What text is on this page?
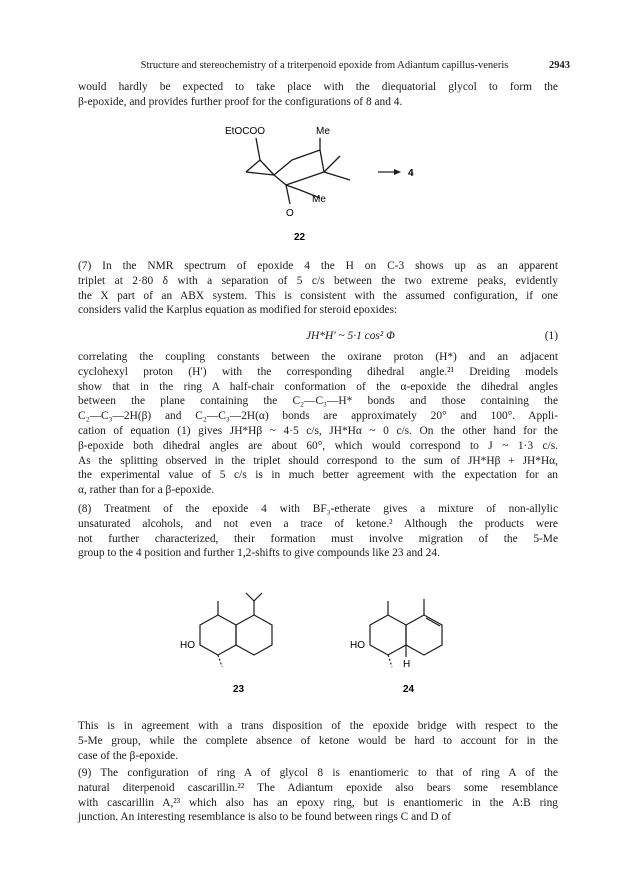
Structure and stereochemistry of a triterpenoid epoxide from Adiantum capillus-veneris	2943
would hardly be expected to take place with the diequatorial glycol to form the
β-epoxide, and provides further proof for the configurations of 8 and 4.
EtOCOO	Me
Me
O
4
22
(7) In the NMR spectrum of epoxide 4 the H on C-3 shows up as an apparent
triplet at 2·80 δ with a separation of 5 c/s between the two extreme peaks, evidently
the X part of an ABX system. This is consistent with the assumed configuration, if one
considers valid the Karplus equation as modified for steroid epoxides:
JH*H′ ~ 5·1 cos² Φ	(1)
correlating the coupling constants between the oxirane proton (H*) and an adjacent
cyclohexyl proton (H′) with the corresponding dihedral angle.²¹ Dreiding models
show that in the ring A half-chair conformation of the α-epoxide the dihedral angles
between the plane containing the C₂—C₃—H* bonds and those containing the
C₂—C₃—2H(β) and C₂—C₃—2H(α) bonds are approximately 20° and 100°. Appli-
cation of equation (1) gives JH*Hβ ~ 4·5 c/s, JH*Hα ~ 0 c/s. On the other hand for the
β-epoxide both dihedral angles are about 60°, which would correspond to J ~ 1·3 c/s.
As the splitting observed in the triplet should correspond to the sum of JH*Hβ + JH*Hα,
the experimental value of 5 c/s is in much better agreement with the expectation for an
α, rather than for a β-epoxide.
(8) Treatment of the epoxide 4 with BF₃-etherate gives a mixture of non-allylic
unsaturated alcohols, and not even a trace of ketone.² Although the products were
not further characterized, their formation must involve migration of the 5-Me
group to the 4 position and further 1,2-shifts to give compounds like 23 and 24.
HO
23
HO
H
24
This is in agreement with a trans disposition of the epoxide bridge with respect to the
5-Me group, while the complete absence of ketone would be hard to account for in the
case of the β-epoxide.
(9) The configuration of ring A of glycol 8 is enantiomeric to that of ring A of the
natural diterpenoid cascarillin.²² The Adiantum epoxide also bears some resemblance
with cascarillin A,²³ which also has an epoxy ring, but is enantiomeric in the A:B ring
junction. An interesting resemblance is also to be found between rings C and D of
